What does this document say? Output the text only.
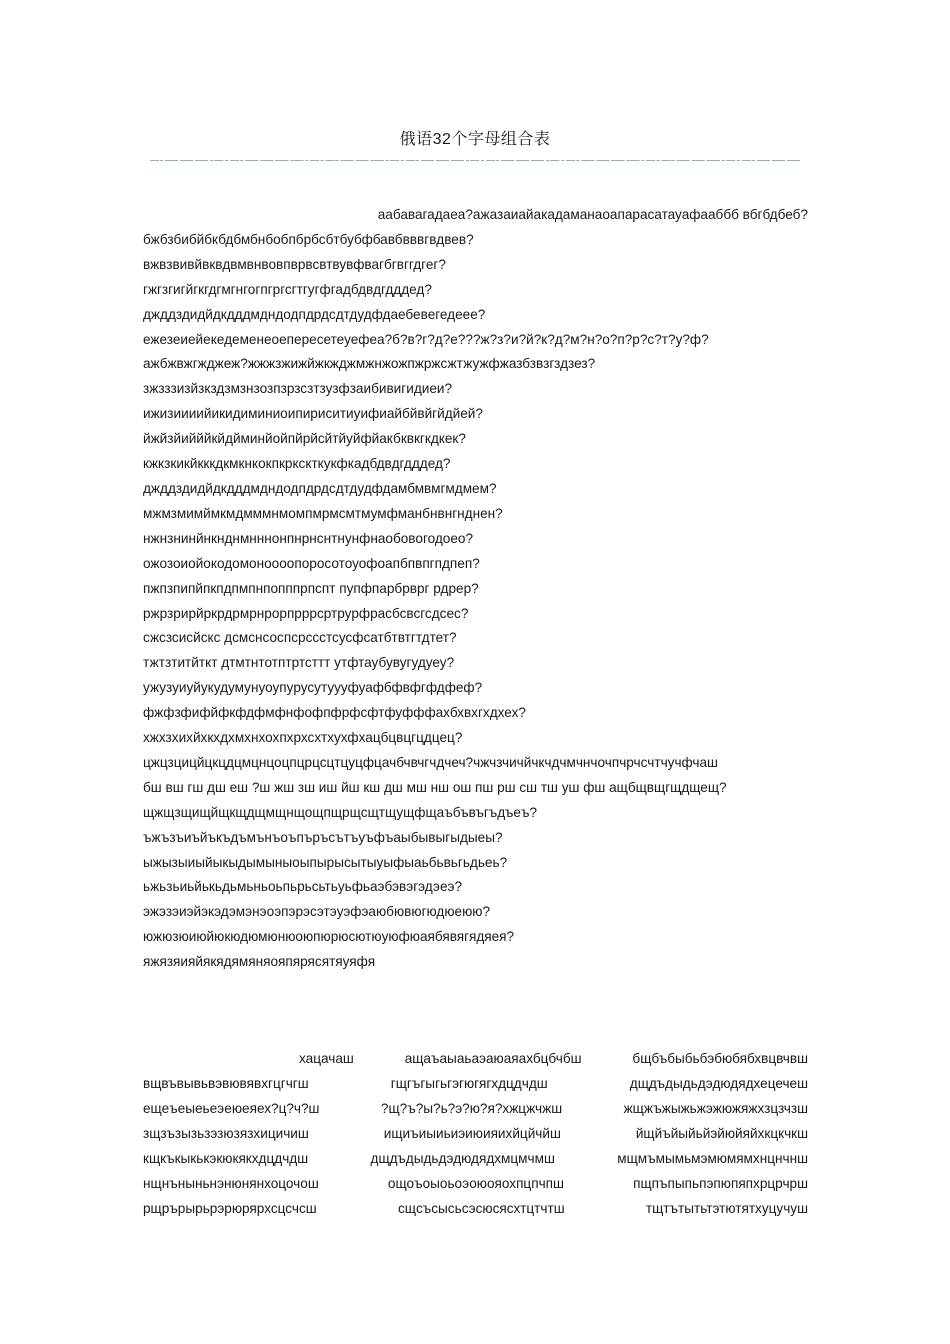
俄语32个字母组合表
аабавагадаеа?ажазаиайакадаманаоапарасатауафааббб вбгбдбеб?
бжбзбибйбкбдбмбнбобпбрбсбтбубфбавбвввгвдвев?
вжвзвивйвквдвмвнвовпврвсвтвувфвагбгвггдгег?
гжгзгигйгкгдгмгнгогпгргсгтгугфгадбдвдгдддед?
джддздидйдкдддмдндодпдрдсдтдудфдаебевегедеее?
ежезеиейекедеменеоепересетеуефеа?б?в?г?д?е???ж?з?и?й?к?д?м?н?о?п?р?с?т?у?ф?
ажбжвжгжджеж?жжжзжижйжкжджмжнжожпжржсжтжужфжазбзвзгздзез?
зжзззизйзкздзмзнзозпзрзсзтзузфзаибивигидиеи?
ижизиииийикидиминиоипириситиуифиайбйвйгйдйей?
йжйзйийййкйдйминйойпйрйсйтйуйфйакбквкгкдкек?
кжкзкикйкккдкмкнкокпкркскткукфкадбдвдгдддед?
джддздидйдкдддмдндодпдрдсдтдудфдамбмвмгмдмем?
мжмзмимймкмдмммнмомпмрмсмтмумфманбнвнгнднен?
нжнзнинйнкнднмнннонпнрнснтнунфнаобовогодоео?
ожозоиойокодомоноооопоросотоуофоапбпвпгпдпеп?
пжпзпипйпкпдпмпнпопппрпспт пупфпарбрврг рдрер?
ржрзрирйркрдрмрнрорпрррсртрурфрасбсвсгсдсес?
сжсзсисйскс дсмснсоспсрссстсусфсатбтвтгтдтет?
тжтзтитйткт дтмтнтотптртсттт утфтаубувугудуеу?
ужузуиуйукудумунуоупурусутуууфуафбфвфгфдфеф?
фжфзфифйфкфдфмфнфофпфрфсфтфуфффахбхвхгхдхех?
хжхзхихйхкхдхмхнхохпхрхсхтхухфхацбцвцгцдцец?
цжцзцицйцкцдцмцнцоцпцрцсцтцуцфцачбчвчгчдчеч?чжчзчичйчкчдчмчнчочпчрчсчтчучфчаш
бш вш гш дш еш ?ш жш зш иш йш кш дш мш нш ош пш рш сш тш уш фш ащбщвщгщдщещ?
щжщзщищйщкщдщмщнщощпщрщсщтщущфщаъбъвъгъдъеъ?
ъжъзъиъйъкъдъмънъоъпъръсътъуъфъаыбывыгыдыеы?
ыжызыиыйыкыдымыныоыпырысытыуыфыаьбьвьгьдьеь?
ьжьзьиьйькьдьмьньоьпьрьсьтьуьфьаэбэвэгэдэеэ?
эжэзэиэйэкэдэмэнэоэпэрэсэтэуэфэаюбювюгюдюеюю?
южюзюиюйюкюдюмюнюоюпюрюсютюуюфюаябявягядяея?
яжязяияйякядямяняояпярясятяуяфя
хацачаш	ащаъаыаьаэаюаяахбцбчбш	бщбъбыбьбэбюбябхвцвчвш
вщвъвывьвэвювявхгцгчгш	гщгъгыгьгэгюгягхдцдчдш	дщдъдыдьдэдюдядхецечеш
ещеъеыеьеэеюеяех?ц?ч?ш	?щ?ъ?ы?ь?э?ю?я?хжцжчжш	жщжъжыжьжэжюжяжхзцзчзш
зщзъзызьзэзюзязхицичиш	ищиъиыиьиэиюияихйцйчйш	йщйъйыйьйэйюйяйхкцкчкш
кщкъкыкькэкюкякхдцдчдш	дщдъдыдьдэдюдядхмцмчмш	мщмъмымьмэмюмямхнцнчнш
нщнъныньнэнюнянхоцочош	ощоъоыоьоэоюояохпцпчпш	пщпъпыпьпэпюпяпхрцрчрш
рщрърырьрэрюрярхсцсчсш	сщсъсысьсэсюсясхтцтчтш	тщтътытьтэтютятхуцучуш
